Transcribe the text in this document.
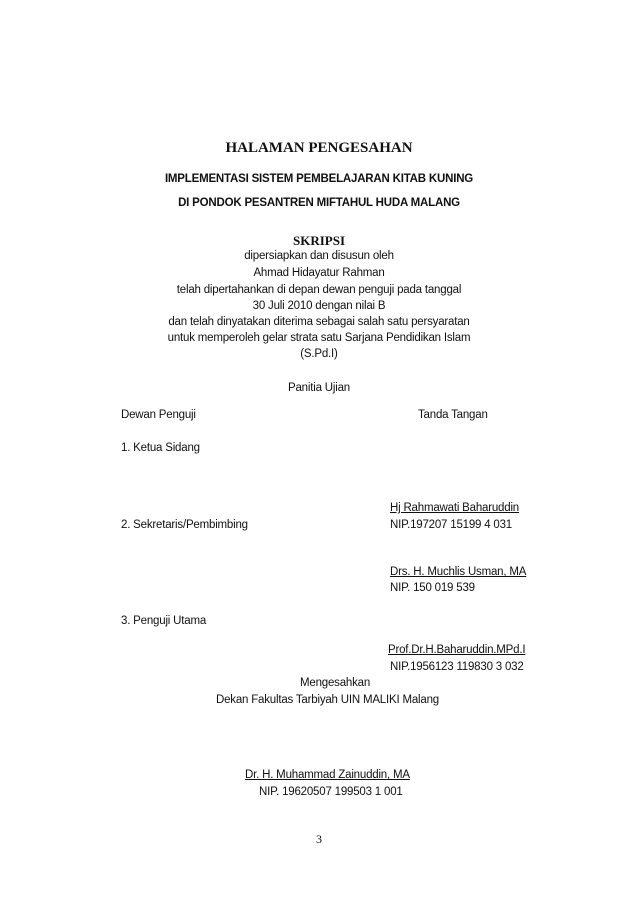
HALAMAN PENGESAHAN
IMPLEMENTASI SISTEM PEMBELAJARAN KITAB KUNING
DI PONDOK PESANTREN MIFTAHUL HUDA MALANG
SKRIPSI
dipersiapkan dan disusun oleh
Ahmad Hidayatur Rahman
telah dipertahankan di depan dewan penguji pada tanggal
30 Juli 2010 dengan nilai B
dan telah dinyatakan diterima sebagai salah satu persyaratan
untuk memperoleh gelar strata satu Sarjana Pendidikan Islam
(S.Pd.I)
Panitia Ujian
Dewan Penguji	Tanda Tangan
1. Ketua Sidang
Hj Rahmawati Baharuddin
2. Sekretaris/Pembimbing	NIP.197207 15199 4 031
Drs. H. Muchlis Usman, MA
NIP. 150 019 539
3. Penguji Utama
Prof.Dr.H.Baharuddin.MPd.I
NIP.1956123 119830 3 032
Mengesahkan
Dekan Fakultas Tarbiyah UIN MALIKI Malang
Dr. H. Muhammad Zainuddin, MA
NIP. 19620507 199503 1 001
3
